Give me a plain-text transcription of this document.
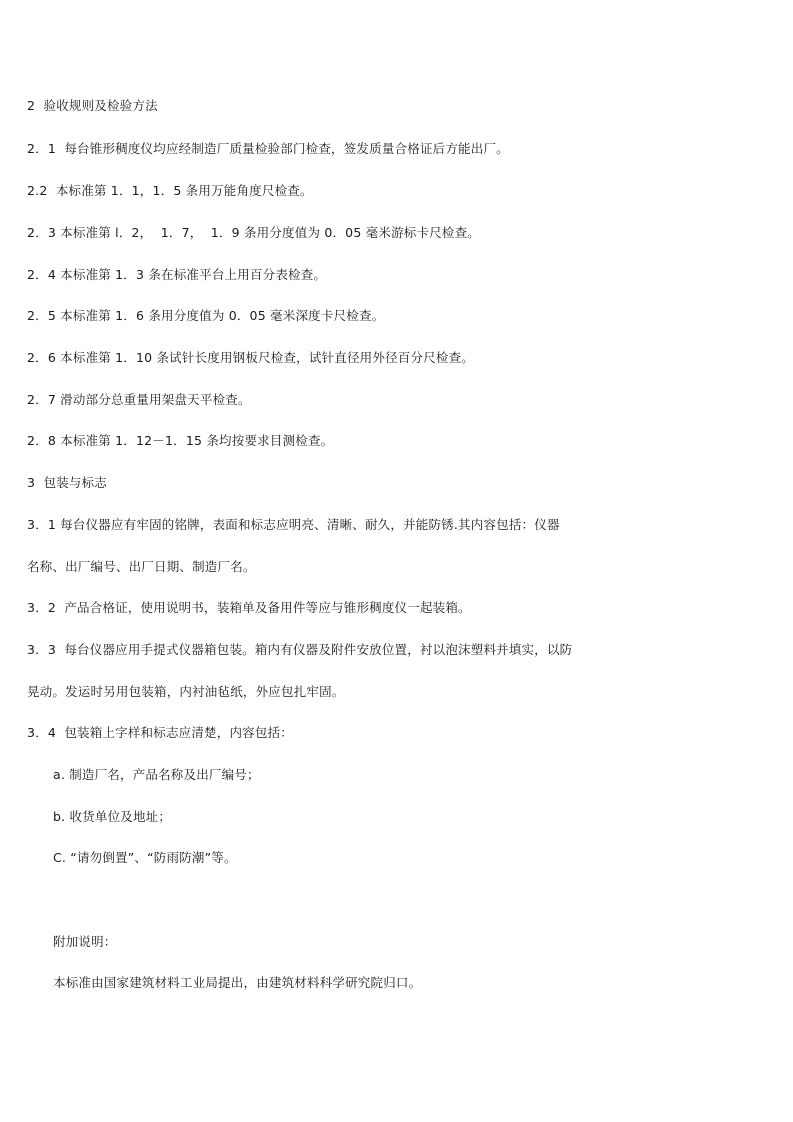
2  验收规则及检验方法
2．1  每台锥形稠度仪均应经制造厂质量检验部门检查，签发质量合格证后方能出厂。
2.2  本标准第 1．1，1．5 条用万能角度尺检查。
2．3 本标准第 l．2，  1．7，  1．9 条用分度值为 0．05 毫米游标卡尺检查。
2．4 本标准第 1．3 条在标准平台上用百分表检查。
2．5 本标准第 1．6 条用分度值为 0．05 毫米深度卡尺检查。
2．6 本标准第 1．10 条试针长度用钢板尺检查，试针直径用外径百分尺检查。
2．7 滑动部分总重量用架盘天平检查。
2．8 本标准第 1．12－1．15 条均按要求目测检查。
3  包装与标志
3．1 每台仪器应有牢固的铭牌，表面和标志应明亮、清晰、耐久，并能防锈.其内容包括：仪器
名称、出厂编号、出厂日期、制造厂名。
3．2  产品合格证，使用说明书，装箱单及备用件等应与锥形稠度仪一起装箱。
3．3  每台仪器应用手提式仪器箱包装。箱内有仪器及附件安放位置，衬以泡沫塑料并填实，以防
晃动。发运时另用包装箱，内衬油毡纸，外应包扎牢固。
3．4  包装箱上字样和标志应清楚，内容包括：
a. 制造厂名，产品名称及出厂编号；
b. 收货单位及地址；
C. “请勿倒置”、“防雨防潮”等。
附加说明：
本标准由国家建筑材料工业局提出，由建筑材料科学研究院归口。
